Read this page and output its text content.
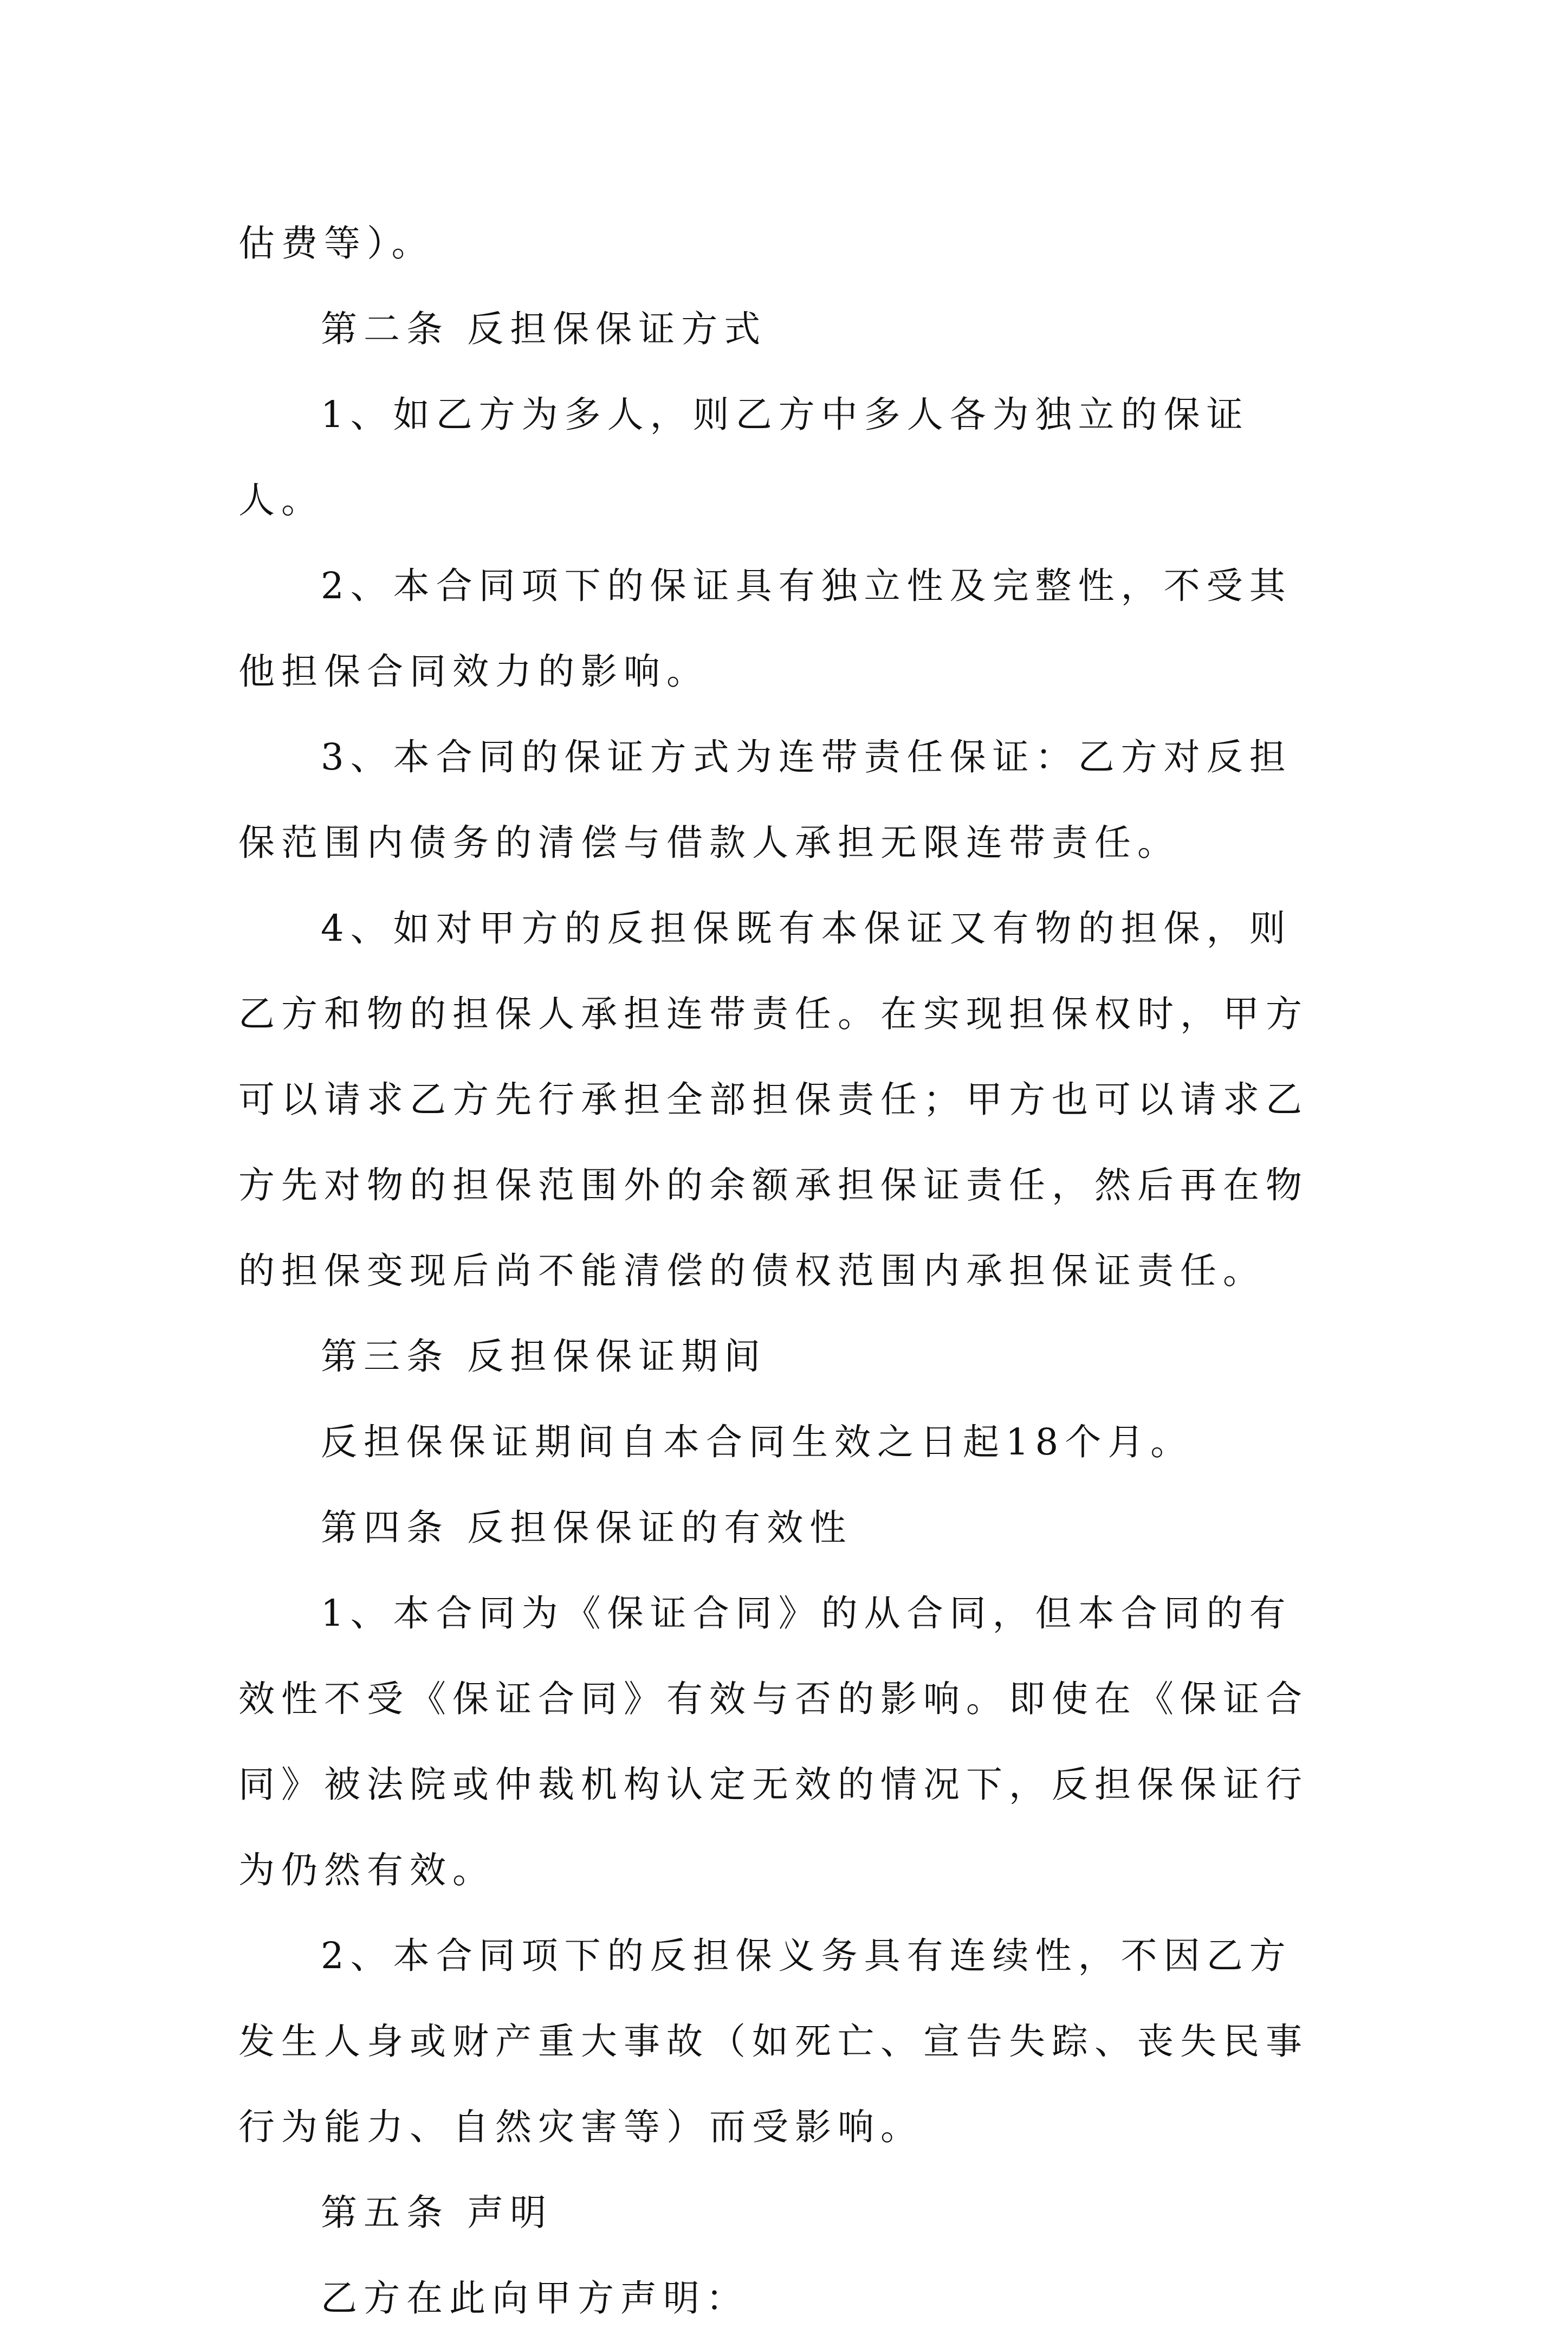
估费等）。

第二条 反担保保证方式

1、如乙方为多人，则乙方中多人各为独立的保证人。

2、本合同项下的保证具有独立性及完整性，不受其他担保合同效力的影响。

3、本合同的保证方式为连带责任保证：乙方对反担保范围内债务的清偿与借款人承担无限连带责任。

4、如对甲方的反担保既有本保证又有物的担保，则乙方和物的担保人承担连带责任。在实现担保权时，甲方可以请求乙方先行承担全部担保责任；甲方也可以请求乙方先对物的担保范围外的余额承担保证责任，然后再在物的担保变现后尚不能清偿的债权范围内承担保证责任。

第三条 反担保保证期间

反担保保证期间自本合同生效之日起18个月。

第四条 反担保保证的有效性

1、本合同为《保证合同》的从合同，但本合同的有效性不受《保证合同》有效与否的影响。即使在《保证合同》被法院或仲裁机构认定无效的情况下，反担保保证行为仍然有效。

2、本合同项下的反担保义务具有连续性，不因乙方发生人身或财产重大事故（如死亡、宣告失踪、丧失民事行为能力、自然灾害等）而受影响。

第五条 声明

乙方在此向甲方声明：
